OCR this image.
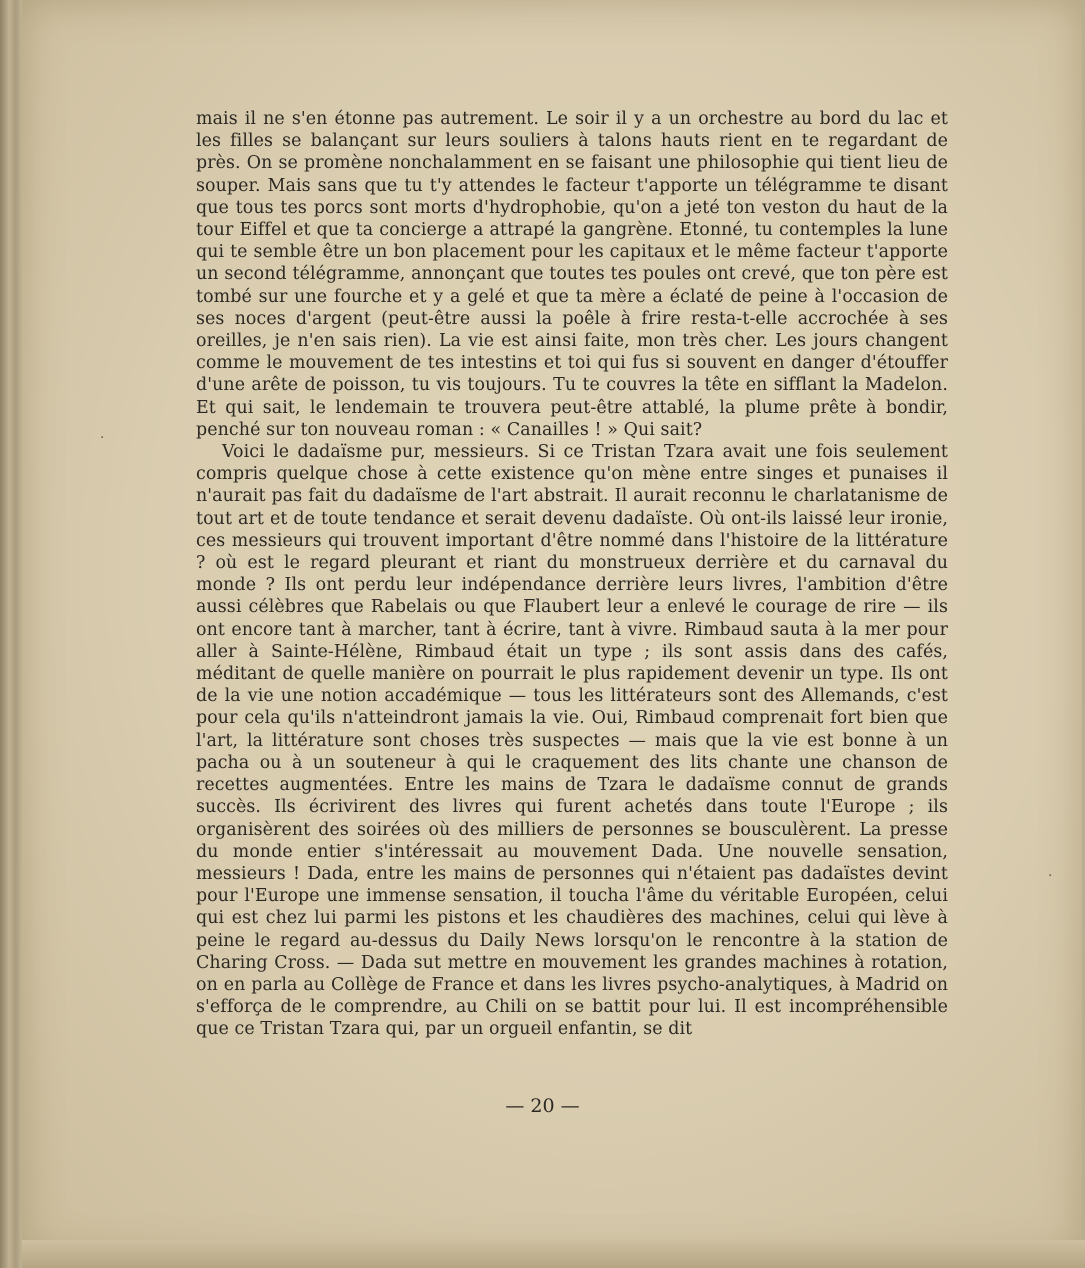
mais il ne s'en étonne pas autrement. Le soir il y a un orchestre au bord du lac et les filles se balançant sur leurs souliers à talons hauts rient en te regardant de près. On se promène nonchalamment en se faisant une philosophie qui tient lieu de souper. Mais sans que tu t'y attendes le facteur t'apporte un télégramme te disant que tous tes porcs sont morts d'hydrophobie, qu'on a jeté ton veston du haut de la tour Eiffel et que ta concierge a attrapé la gangrène. Etonné, tu contemples la lune qui te semble être un bon placement pour les capitaux et le même facteur t'apporte un second télégramme, annonçant que toutes tes poules ont crevé, que ton père est tombé sur une fourche et y a gelé et que ta mère a éclaté de peine à l'occasion de ses noces d'argent (peut-être aussi la poêle à frire resta-t-elle accrochée à ses oreilles, je n'en sais rien). La vie est ainsi faite, mon très cher. Les jours changent comme le mouvement de tes intestins et toi qui fus si souvent en danger d'étouffer d'une arête de poisson, tu vis toujours. Tu te couvres la tête en sifflant la Madelon. Et qui sait, le lendemain te trouvera peut-être attablé, la plume prête à bondir, penché sur ton nouveau roman : « Canailles ! » Qui sait?

Voici le dadaïsme pur, messieurs. Si ce Tristan Tzara avait une fois seulement compris quelque chose à cette existence qu'on mène entre singes et punaises il n'aurait pas fait du dadaïsme de l'art abstrait. Il aurait reconnu le charlatanisme de tout art et de toute tendance et serait devenu dadaïste. Où ont-ils laissé leur ironie, ces messieurs qui trouvent important d'être nommé dans l'histoire de la littérature ? où est le regard pleurant et riant du monstrueux derrière et du carnaval du monde ? Ils ont perdu leur indépendance derrière leurs livres, l'ambition d'être aussi célèbres que Rabelais ou que Flaubert leur a enlevé le courage de rire — ils ont encore tant à marcher, tant à écrire, tant à vivre. Rimbaud sauta à la mer pour aller à Sainte-Hélène, Rimbaud était un type ; ils sont assis dans des cafés, méditant de quelle manière on pourrait le plus rapidement devenir un type. Ils ont de la vie une notion accadémique — tous les littérateurs sont des Allemands, c'est pour cela qu'ils n'atteindront jamais la vie. Oui, Rimbaud comprenait fort bien que l'art, la littérature sont choses très suspectes — mais que la vie est bonne à un pacha ou à un souteneur à qui le craquement des lits chante une chanson de recettes augmentées. Entre les mains de Tzara le dadaïsme connut de grands succès. Ils écrivirent des livres qui furent achetés dans toute l'Europe ; ils organisèrent des soirées où des milliers de personnes se bousculèrent. La presse du monde entier s'intéressait au mouvement Dada. Une nouvelle sensation, messieurs ! Dada, entre les mains de personnes qui n'étaient pas dadaïstes devint pour l'Europe une immense sensation, il toucha l'âme du véritable Européen, celui qui est chez lui parmi les pistons et les chaudières des machines, celui qui lève à peine le regard au-dessus du Daily News lorsqu'on le rencontre à la station de Charing Cross. — Dada sut mettre en mouvement les grandes machines à rotation, on en parla au Collège de France et dans les livres psycho-analytiques, à Madrid on s'efforça de le comprendre, au Chili on se battit pour lui. Il est incompréhensible que ce Tristan Tzara qui, par un orgueil enfantin, se dit

— 20 —
·
·
